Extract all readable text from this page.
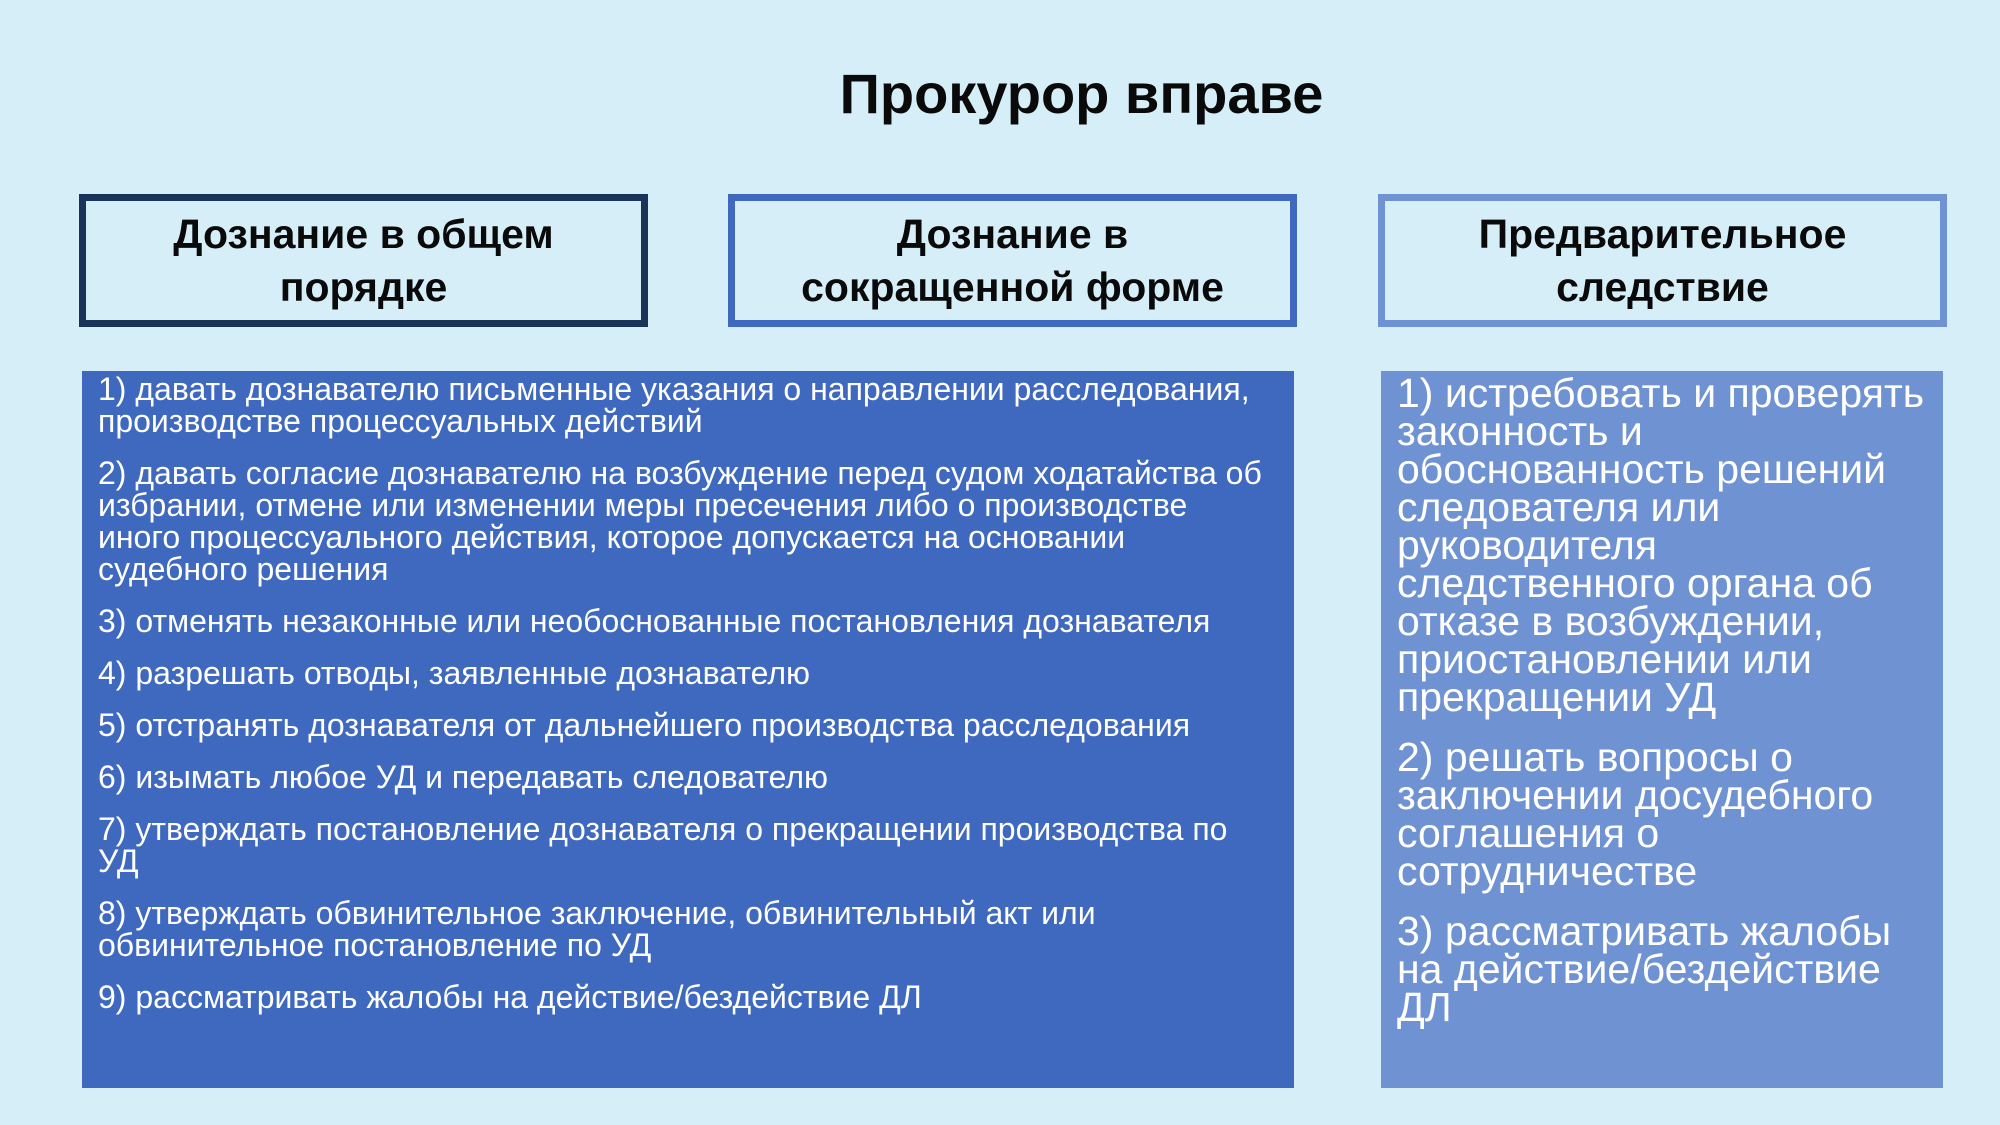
Прокурор вправе
Дознание в общем порядке
Дознание в сокращенной форме
Предварительное следствие
1) давать дознавателю письменные указания о направлении расследования, производстве процессуальных действий
2) давать согласие дознавателю на возбуждение перед судом ходатайства об избрании, отмене или изменении меры пресечения либо о производстве иного процессуального действия, которое допускается на основании судебного решения
3) отменять незаконные или необоснованные постановления дознавателя
4) разрешать отводы, заявленные дознавателю
5) отстранять дознавателя от дальнейшего производства расследования
6) изымать любое УД и передавать следователю
7) утверждать постановление дознавателя о прекращении производства по УД
8) утверждать обвинительное заключение, обвинительный акт или обвинительное постановление по УД
9) рассматривать жалобы на действие/бездействие ДЛ
1) истребовать и проверять законность и обоснованность решений следователя или руководителя следственного органа об отказе в возбуждении, приостановлении или прекращении УД
2) решать вопросы о заключении досудебного соглашения о сотрудничестве
3) рассматривать жалобы на действие/бездействие ДЛ
